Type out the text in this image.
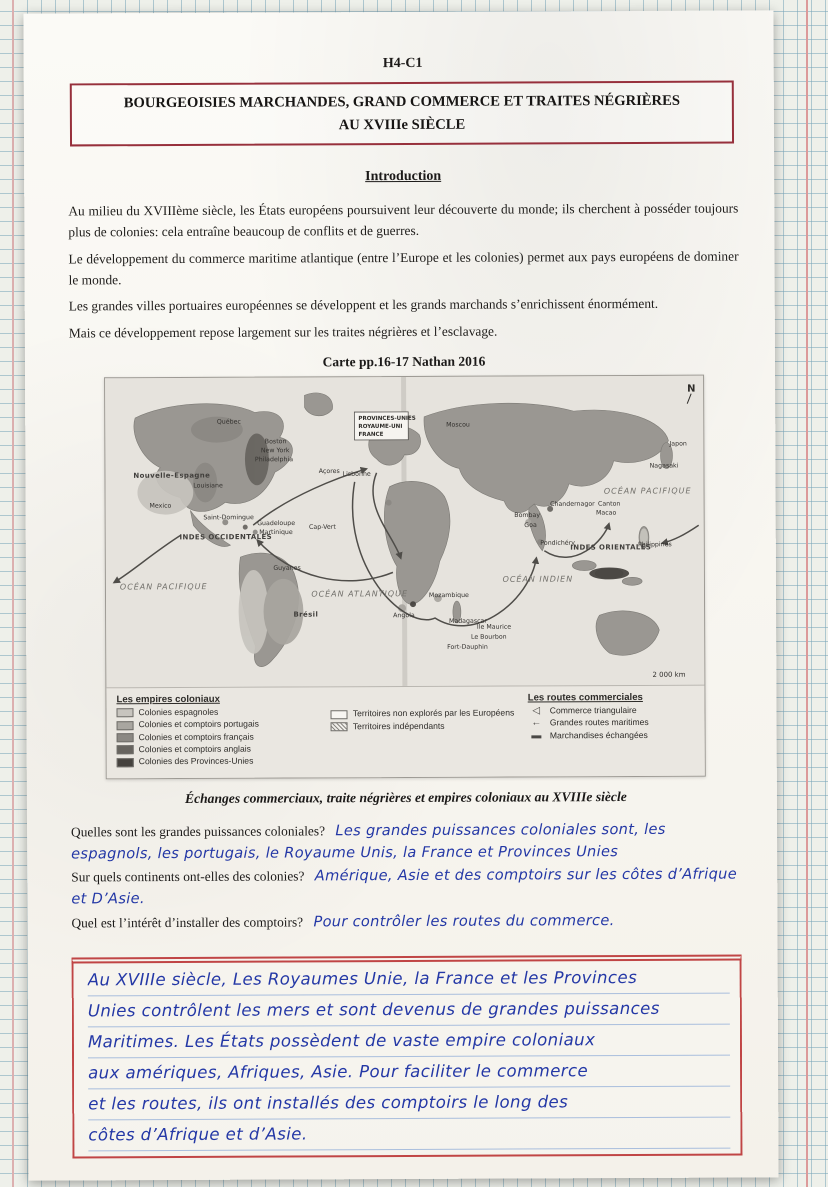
H4-C1
BOURGEOISIES MARCHANDES, GRAND COMMERCE ET TRAITES NÉGRIÈRES
AU XVIIIe SIÈCLE
Introduction

Au milieu du XVIIIème siècle, les États européens poursuivent leur découverte du monde; ils cherchent à posséder toujours plus de colonies: cela entraîne beaucoup de conflits et de guerres.

Le développement du commerce maritime atlantique (entre l’Europe et les colonies) permet aux pays européens de dominer le monde.

Les grandes villes portuaires européennes se développent et les grands marchands s’enrichissent énormément.

Mais ce développement repose largement sur les traites négrières et l’esclavage.

Carte pp.16-17 Nathan 2016
OCÉAN PACIFIQUE
OCÉAN PACIFIQUE
OCÉAN ATLANTIQUE
OCÉAN INDIEN
INDES OCCIDENTALES
INDES ORIENTALES
Nouvelle-Espagne
Guyanes
Brésil	Angola
Mozambique
Madagascar
Île Maurice
Le Bourbon
Fort-Dauphin
Québec
Boston
New York
Philadelphia
Louisiane
Mexico
Saint-Domingue
Guadeloupe
Martinique
Cap-Vert
Açores Lisbonne
Moscou
Goa
Bombay
Pondichéry
Chandernagor Canton
Macao
Japon
Nagasaki
Philippines
PROVINCES-UNIES
ROYAUME-UNI
FRANCE
2 000 km
N
Les empires coloniaux
Colonies espagnoles
Colonies et comptoirs portugais
Colonies et comptoirs français
Colonies et comptoirs anglais
Colonies des Provinces-Unies
Territoires non explorés par les Européens
Territoires indépendants
Les routes commerciales
◁	Commerce triangulaire
← Grandes routes maritimes
▬ Marchandises échangées
Échanges commerciaux, traite négrières et empires coloniaux au XVIIIe siècle
Quelles sont les grandes puissances coloniales? Les grandes puissances coloniales sont, les espagnols, les portugais, le Royaume Unis, la France et Provinces Unies
Sur quels continents ont-elles des colonies? Amérique, Asie et des comptoirs sur les côtes d’Afrique et D’Asie.
Quel est l’intérêt d’installer des comptoirs? Pour contrôler les routes du commerce.
Au XVIIIe siècle, Les Royaumes Unie, la France et les Provinces
Unies contrôlent les mers et sont devenus de grandes puissances
Maritimes. Les États possèdent de vaste empire coloniaux
aux amériques, Afriques, Asie. Pour faciliter le commerce
et les routes, ils ont installés des comptoirs le long des
côtes d’Afrique et d’Asie.
